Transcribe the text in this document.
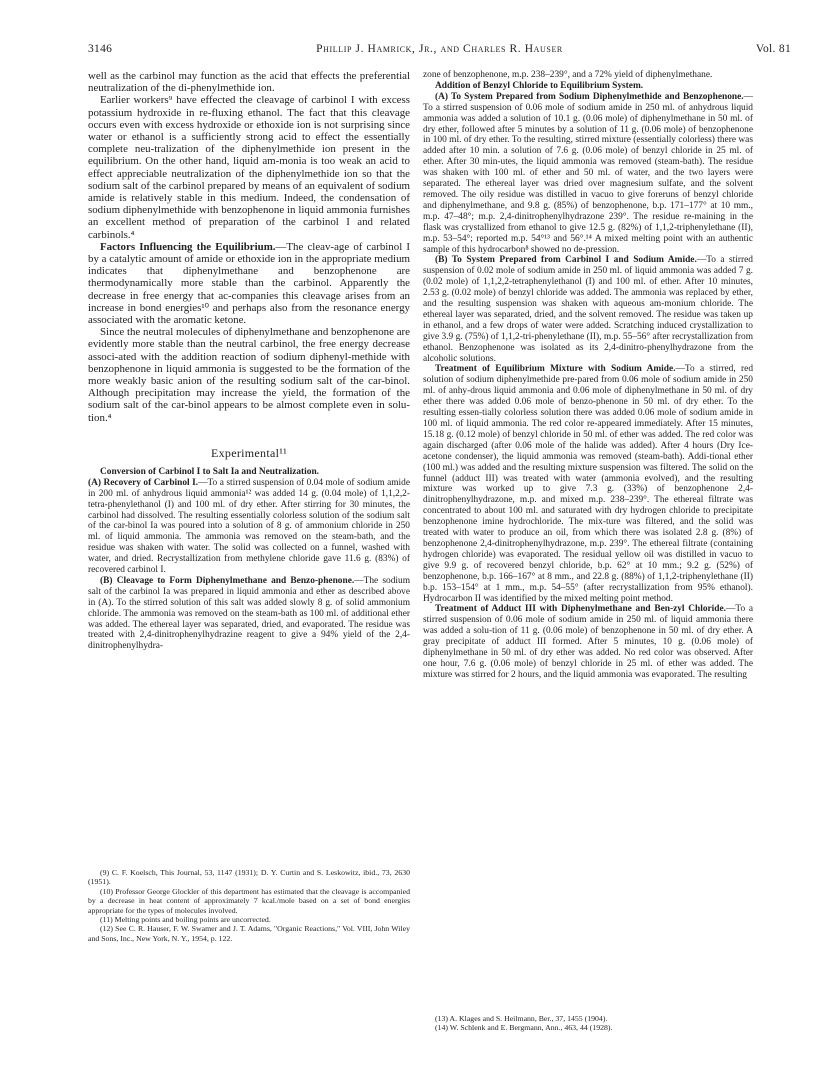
3146	Phillip J. Hamrick, Jr., and Charles R. Hauser	Vol. 81

well as the carbinol may function as the acid that effects the preferential neutralization of the di-phenylmethide ion.

Earlier workers⁹ have effected the cleavage of carbinol I with excess potassium hydroxide in re-fluxing ethanol. The fact that this cleavage occurs even with excess hydroxide or ethoxide ion is not surprising since water or ethanol is a sufficiently strong acid to effect the essentially complete neu-tralization of the diphenylmethide ion present in the equilibrium. On the other hand, liquid am-monia is too weak an acid to effect appreciable neutralization of the diphenylmethide ion so that the sodium salt of the carbinol prepared by means of an equivalent of sodium amide is relatively stable in this medium. Indeed, the condensation of sodium diphenylmethide with benzophenone in liquid ammonia furnishes an excellent method of preparation of the carbinol I and related carbinols.⁴

Factors Influencing the Equilibrium.—The cleav-age of carbinol I by a catalytic amount of amide or ethoxide ion in the appropriate medium indicates that diphenylmethane and benzophenone are thermodynamically more stable than the carbinol. Apparently the decrease in free energy that ac-companies this cleavage arises from an increase in bond energies¹⁰ and perhaps also from the resonance energy associated with the aromatic ketone.

Since the neutral molecules of diphenylmethane and benzophenone are evidently more stable than the neutral carbinol, the free energy decrease associ-ated with the addition reaction of sodium diphenyl-methide with benzophenone in liquid ammonia is suggested to be the formation of the more weakly basic anion of the resulting sodium salt of the car-binol. Although precipitation may increase the yield, the formation of the sodium salt of the car-binol appears to be almost complete even in solu-tion.⁴

Experimental¹¹

Conversion of Carbinol I to Salt Ia and Neutralization.

(A) Recovery of Carbinol I.—To a stirred suspension of 0.04 mole of sodium amide in 200 ml. of anhydrous liquid ammonia¹² was added 14 g. (0.04 mole) of 1,1,2,2-tetra-phenylethanol (I) and 100 ml. of dry ether. After stirring for 30 minutes, the carbinol had dissolved. The resulting essentially colorless solution of the sodium salt of the car-binol Ia was poured into a solution of 8 g. of ammonium chloride in 250 ml. of liquid ammonia. The ammonia was removed on the steam-bath, and the residue was shaken with water. The solid was collected on a funnel, washed with water, and dried. Recrystallization from methylene chloride gave 11.6 g. (83%) of recovered carbinol I.

(B) Cleavage to Form Diphenylmethane and Benzo-phenone.—The sodium salt of the carbinol Ia was prepared in liquid ammonia and ether as described above in (A). To the stirred solution of this salt was added slowly 8 g. of solid ammonium chloride. The ammonia was removed on the steam-bath as 100 ml. of additional ether was added. The ethereal layer was separated, dried, and evaporated. The residue was treated with 2,4-dinitrophenylhydrazine reagent to give a 94% yield of the 2,4-dinitrophenylhydra-

(9) C. F. Koelsch, This Journal, 53, 1147 (1931); D. Y. Curtin and S. Leskowitz, ibid., 73, 2630 (1951).

(10) Professor George Glockler of this department has estimated that the cleavage is accompanied by a decrease in heat content of approximately 7 kcal./mole based on a set of bond energies appropriate for the types of molecules involved.

(11) Melting points and boiling points are uncorrected.

(12) See C. R. Hauser, F. W. Swamer and J. T. Adams, "Organic Reactions," Vol. VIII, John Wiley and Sons, Inc., New York, N. Y., 1954, p. 122.

zone of benzophenone, m.p. 238–239°, and a 72% yield of diphenylmethane.

Addition of Benzyl Chloride to Equilibrium System.

(A) To System Prepared from Sodium Diphenylmethide and Benzophenone.—To a stirred suspension of 0.06 mole of sodium amide in 250 ml. of anhydrous liquid ammonia was added a solution of 10.1 g. (0.06 mole) of diphenylmethane in 50 ml. of dry ether, followed after 5 minutes by a solution of 11 g. (0.06 mole) of benzophenone in 100 ml. of dry ether. To the resulting, stirred mixture (essentially colorless) there was added after 10 min. a solution of 7.6 g. (0.06 mole) of benzyl chloride in 25 ml. of ether. After 30 min-utes, the liquid ammonia was removed (steam-bath). The residue was shaken with 100 ml. of ether and 50 ml. of water, and the two layers were separated. The ethereal layer was dried over magnesium sulfate, and the solvent removed. The oily residue was distilled in vacuo to give foreruns of benzyl chloride and diphenylmethane, and 9.8 g. (85%) of benzophenone, b.p. 171–177° at 10 mm., m.p. 47–48°; m.p. 2,4-dinitrophenylhydrazone 239°. The residue re-maining in the flask was crystallized from ethanol to give 12.5 g. (82%) of 1,1,2-triphenylethane (II), m.p. 53–54°; reported m.p. 54°¹³ and 56°.¹⁴ A mixed melting point with an authentic sample of this hydrocarbon⁸ showed no de-pression.

(B) To System Prepared from Carbinol I and Sodium Amide.—To a stirred suspension of 0.02 mole of sodium amide in 250 ml. of liquid ammonia was added 7 g. (0.02 mole) of 1,1,2,2-tetraphenylethanol (I) and 100 ml. of ether. After 10 minutes, 2.53 g. (0.02 mole) of benzyl chloride was added. The ammonia was replaced by ether, and the resulting suspension was shaken with aqueous am-monium chloride. The ethereal layer was separated, dried, and the solvent removed. The residue was taken up in ethanol, and a few drops of water were added. Scratching induced crystallization to give 3.9 g. (75%) of 1,1,2-tri-phenylethane (II), m.p. 55–56° after recrystallization from ethanol. Benzophenone was isolated as its 2,4-dinitro-phenylhydrazone from the alcoholic solutions.

Treatment of Equilibrium Mixture with Sodium Amide.—To a stirred, red solution of sodium diphenylmethide pre-pared from 0.06 mole of sodium amide in 250 ml. of anhy-drous liquid ammonia and 0.06 mole of diphenylmethane in 50 ml. of dry ether there was added 0.06 mole of benzo-phenone in 50 ml. of dry ether. To the resulting essen-tially colorless solution there was added 0.06 mole of sodium amide in 100 ml. of liquid ammonia. The red color re-appeared immediately. After 15 minutes, 15.18 g. (0.12 mole) of benzyl chloride in 50 ml. of ether was added. The red color was again discharged (after 0.06 mole of the halide was added). After 4 hours (Dry Ice-acetone condenser), the liquid ammonia was removed (steam-bath). Addi-tional ether (100 ml.) was added and the resulting mixture suspension was filtered. The solid on the funnel (adduct III) was treated with water (ammonia evolved), and the resulting mixture was worked up to give 7.3 g. (33%) of benzophenone 2,4-dinitrophenylhydrazone, m.p. and mixed m.p. 238–239°. The ethereal filtrate was concentrated to about 100 ml. and saturated with dry hydrogen chloride to precipitate benzophenone imine hydrochloride. The mix-ture was filtered, and the solid was treated with water to produce an oil, from which there was isolated 2.8 g. (8%) of benzophenone 2,4-dinitrophenylhydrazone, m.p. 239°. The ethereal filtrate (containing hydrogen chloride) was evaporated. The residual yellow oil was distilled in vacuo to give 9.9 g. of recovered benzyl chloride, b.p. 62° at 10 mm.; 9.2 g. (52%) of benzophenone, b.p. 166–167° at 8 mm., and 22.8 g. (88%) of 1,1,2-triphenylethane (II) b.p. 153–154° at 1 mm., m.p. 54–55° (after recrystallization from 95% ethanol). Hydrocarbon II was identified by the mixed melting point method.

Treatment of Adduct III with Diphenylmethane and Ben-zyl Chloride.—To a stirred suspension of 0.06 mole of sodium amide in 250 ml. of liquid ammonia there was added a solu-tion of 11 g. (0.06 mole) of benzophenone in 50 ml. of dry ether. A gray precipitate of adduct III formed. After 5 minutes, 10 g. (0.06 mole) of diphenylmethane in 50 ml. of dry ether was added. No red color was observed. After one hour, 7.6 g. (0.06 mole) of benzyl chloride in 25 ml. of ether was added. The mixture was stirred for 2 hours, and the liquid ammonia was evaporated. The resulting

(13) A. Klages and S. Heilmann, Ber., 37, 1455 (1904).

(14) W. Schlenk and E. Bergmann, Ann., 463, 44 (1928).
